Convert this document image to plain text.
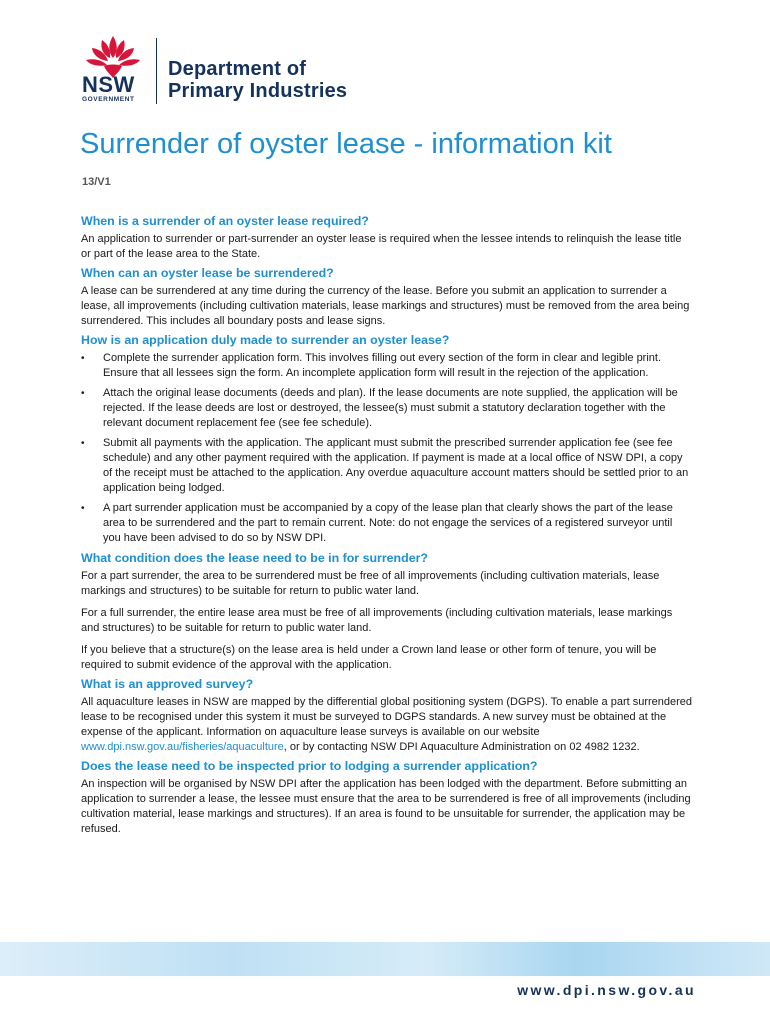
NSW
GOVERNMENT
Department of
Primary Industries
Surrender of oyster lease - information kit
13/V1
When is a surrender of an oyster lease required?

An application to surrender or part-surrender an oyster lease is required when the lessee intends to relinquish the lease title or part of the lease area to the State.

When can an oyster lease be surrendered?

A lease can be surrendered at any time during the currency of the lease. Before you submit an application to surrender a lease, all improvements (including cultivation materials, lease markings and structures) must be removed from the area being surrendered. This includes all boundary posts and lease signs.

How is an application duly made to surrender an oyster lease?
• Complete the surrender application form. This involves filling out every section of the form in clear and legible print. Ensure that all lessees sign the form. An incomplete application form will result in the rejection of the application.
• Attach the original lease documents (deeds and plan). If the lease documents are note supplied, the application will be rejected. If the lease deeds are lost or destroyed, the lessee(s) must submit a statutory declaration together with the relevant document replacement fee (see fee schedule).
• Submit all payments with the application. The applicant must submit the prescribed surrender application fee (see fee schedule) and any other payment required with the application. If payment is made at a local office of NSW DPI, a copy of the receipt must be attached to the application. Any overdue aquaculture account matters should be settled prior to an application being lodged.
• A part surrender application must be accompanied by a copy of the lease plan that clearly shows the part of the lease area to be surrendered and the part to remain current. Note: do not engage the services of a registered surveyor until you have been advised to do so by NSW DPI.
What condition does the lease need to be in for surrender?

For a part surrender, the area to be surrendered must be free of all improvements (including cultivation materials, lease markings and structures) to be suitable for return to public water land.

For a full surrender, the entire lease area must be free of all improvements (including cultivation materials, lease markings and structures) to be suitable for return to public water land.

If you believe that a structure(s) on the lease area is held under a Crown land lease or other form of tenure, you will be required to submit evidence of the approval with the application.

What is an approved survey?

All aquaculture leases in NSW are mapped by the differential global positioning system (DGPS). To enable a part surrendered lease to be recognised under this system it must be surveyed to DGPS standards. A new survey must be obtained at the expense of the applicant. Information on aquaculture lease surveys is available on our website www.dpi.nsw.gov.au/fisheries/aquaculture, or by contacting NSW DPI Aquaculture Administration on 02 4982 1232.

Does the lease need to be inspected prior to lodging a surrender application?

An inspection will be organised by NSW DPI after the application has been lodged with the department. Before submitting an application to surrender a lease, the lessee must ensure that the area to be surrendered is free of all improvements (including cultivation material, lease markings and structures). If an area is found to be unsuitable for surrender, the application may be refused.

www.dpi.nsw.gov.au
